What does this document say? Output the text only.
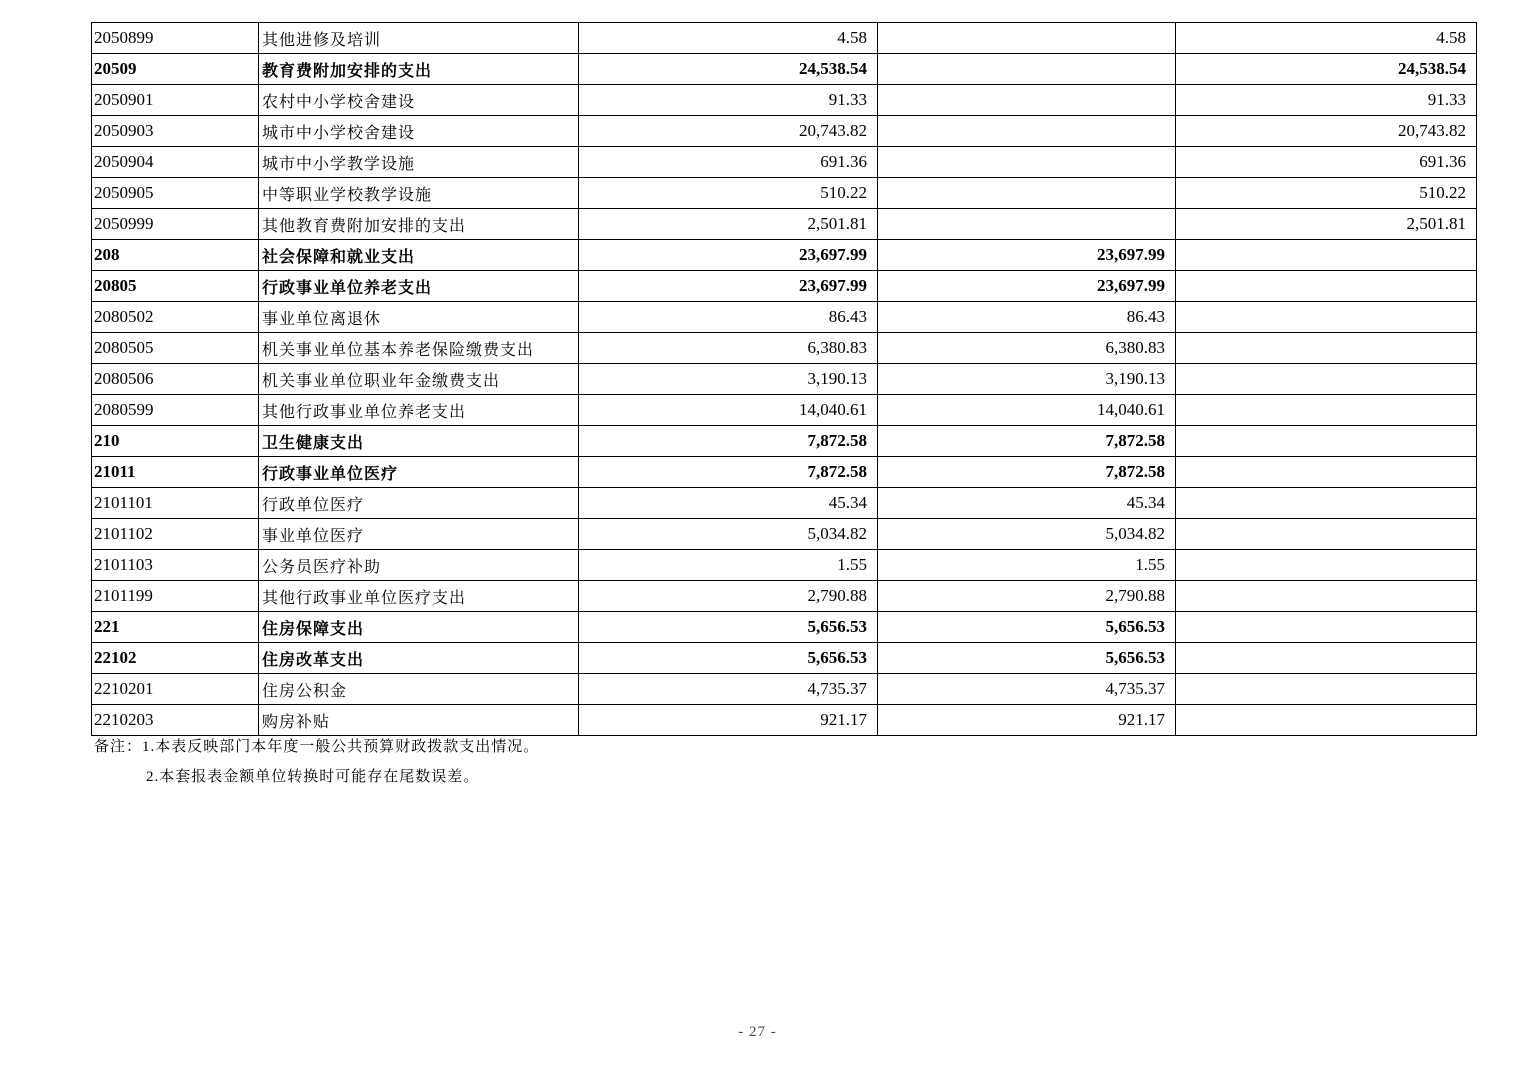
2050899	其他进修及培训	4.58		4.58
20509	教育费附加安排的支出	24,538.54		24,538.54
2050901	农村中小学校舍建设	91.33		91.33
2050903	城市中小学校舍建设	20,743.82		20,743.82
2050904	城市中小学教学设施	691.36		691.36
2050905	中等职业学校教学设施	510.22		510.22
2050999	其他教育费附加安排的支出	2,501.81		2,501.81
208	社会保障和就业支出	23,697.99	23,697.99	
20805	行政事业单位养老支出	23,697.99	23,697.99	
2080502	事业单位离退休	86.43	86.43	
2080505	机关事业单位基本养老保险缴费支出	6,380.83	6,380.83	
2080506	机关事业单位职业年金缴费支出	3,190.13	3,190.13	
2080599	其他行政事业单位养老支出	14,040.61	14,040.61	
210	卫生健康支出	7,872.58	7,872.58	
21011	行政事业单位医疗	7,872.58	7,872.58	
2101101	行政单位医疗	45.34	45.34	
2101102	事业单位医疗	5,034.82	5,034.82	
2101103	公务员医疗补助	1.55	1.55	
2101199	其他行政事业单位医疗支出	2,790.88	2,790.88	
221	住房保障支出	5,656.53	5,656.53	
22102	住房改革支出	5,656.53	5,656.53	
2210201	住房公积金	4,735.37	4,735.37	
2210203	购房补贴	921.17	921.17	
备注：1.本表反映部门本年度一般公共预算财政拨款支出情况。
2.本套报表金额单位转换时可能存在尾数误差。
- 27 -
